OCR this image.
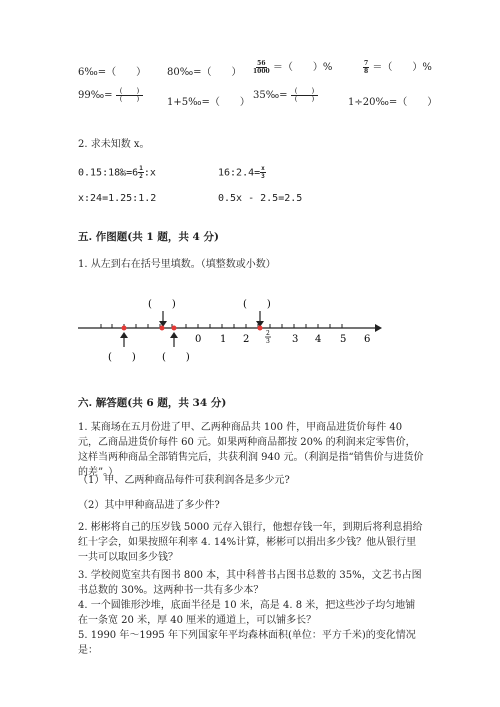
6‰=（　　） 80‰=（　　） $\frac{56}{1000}$ ＝（　　）%	$\frac{7}{8}$ ＝（　　）%
99‰= $\frac{( )}{( )}$ 1+5‰=（　　）
35‰= $\frac{( )}{( )}$	1÷20‰=（　　）
2. 求未知数 x。
0.15:18‰=6 $\frac{1}{2}$ :x	16:2.4= $\frac{x}{3}$
x:24=1.25:1.2	0.5x - 2.5=2.5
五. 作图题(共 1 题，共 4 分)
1. 从左到右在括号里填数。（填整数或小数）
(　　)	(　　)
0 1 2	3 4 5 6
(　　)	(　　)
2
3
六. 解答题(共 6 题，共 34 分)
1. 某商场在五月份进了甲、乙两种商品共 100 件，甲商品进货价每件 40 元，乙商品进货价每件 60 元。如果两种商品都按 20% 的利润来定零售价，这样当两种商品全部销售完后，共获利润 940 元。（利润是指“销售价与进货价的差”。）
（1）甲、乙两种商品每件可获利润各是多少元?
（2）其中甲种商品进了多少件?
2. 彬彬将自己的压岁钱 5000 元存入银行，他想存钱一年，到期后将利息捐给红十字会，如果按照年利率 4. 14%计算，彬彬可以捐出多少钱？他从银行里一共可以取回多少钱？
3. 学校阅览室共有图书 800 本，其中科普书占图书总数的 35%，文艺书占图书总数的 30%。这两种书一共有多少本？
4. 一个圆锥形沙堆，底面半径是 10 米，高是 4. 8 米，把这些沙子均匀地铺在一条宽 20 米，厚 40 厘米的通道上，可以铺多长？
5. 1990 年～1995 年下列国家年平均森林面积(单位：平方千米)的变化情况是：
